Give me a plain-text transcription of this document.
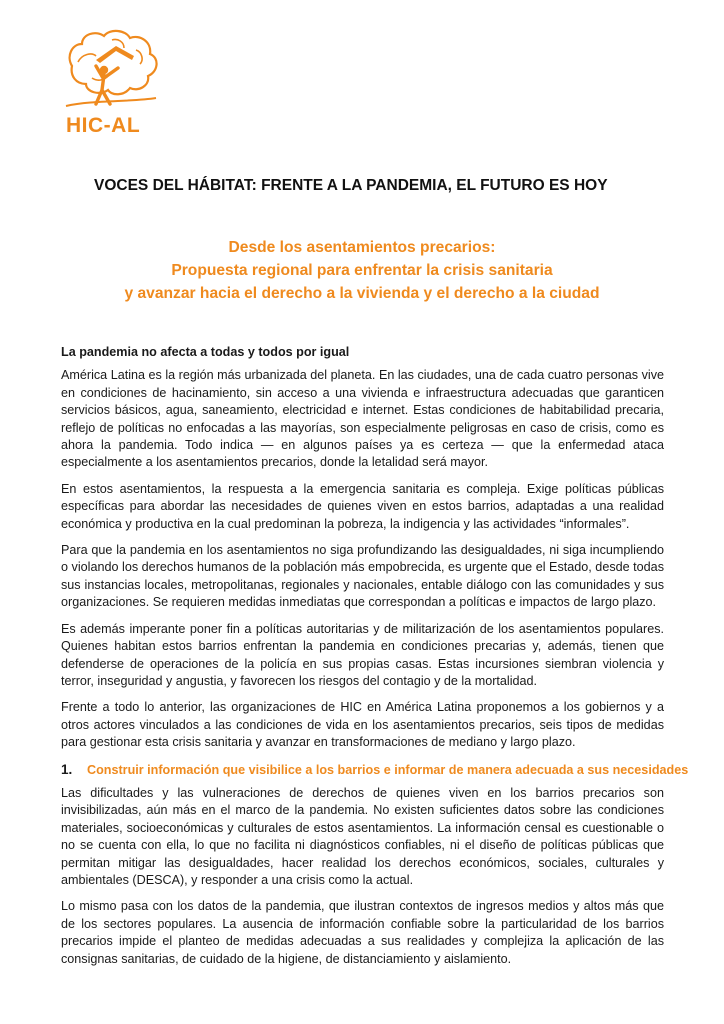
HIC-AL
VOCES DEL HÁBITAT: FRENTE A LA PANDEMIA, EL FUTURO ES HOY
Desde los asentamientos precarios:
Propuesta regional para enfrentar la crisis sanitaria
y avanzar hacia el derecho a la vivienda y el derecho a la ciudad
La pandemia no afecta a todas y todos por igual

América Latina es la región más urbanizada del planeta. En las ciudades, una de cada cuatro personas vive en condiciones de hacinamiento, sin acceso a una vivienda e infraestructura adecuadas que garanticen servicios básicos, agua, saneamiento, electricidad e internet. Estas condiciones de habitabilidad precaria, reflejo de políticas no enfocadas a las mayorías, son especialmente peligrosas en caso de crisis, como es ahora la pandemia. Todo indica — en algunos países ya es certeza — que la enfermedad ataca especialmente a los asentamientos precarios, donde la letalidad será mayor.

En estos asentamientos, la respuesta a la emergencia sanitaria es compleja. Exige políticas públicas específicas para abordar las necesidades de quienes viven en estos barrios, adaptadas a una realidad económica y productiva en la cual predominan la pobreza, la indigencia y las actividades “informales”.

Para que la pandemia en los asentamientos no siga profundizando las desigualdades, ni siga incumpliendo o violando los derechos humanos de la población más empobrecida, es urgente que el Estado, desde todas sus instancias locales, metropolitanas, regionales y nacionales, entable diálogo con las comunidades y sus organizaciones. Se requieren medidas inmediatas que correspondan a políticas e impactos de largo plazo.

Es además imperante poner fin a políticas autoritarias y de militarización de los asentamientos populares. Quienes habitan estos barrios enfrentan la pandemia en condiciones precarias y, además, tienen que defenderse de operaciones de la policía en sus propias casas. Estas incursiones siembran violencia y terror, inseguridad y angustia, y favorecen los riesgos del contagio y de la mortalidad.

Frente a todo lo anterior, las organizaciones de HIC en América Latina proponemos a los gobiernos y a otros actores vinculados a las condiciones de vida en los asentamientos precarios, seis tipos de medidas para gestionar esta crisis sanitaria y avanzar en transformaciones de mediano y largo plazo.

1.	Construir información que visibilice a los barrios e informar de manera adecuada a sus necesidades

Las dificultades y las vulneraciones de derechos de quienes viven en los barrios precarios son invisibilizadas, aún más en el marco de la pandemia. No existen suficientes datos sobre las condiciones materiales, socioeconómicas y culturales de estos asentamientos. La información censal es cuestionable o no se cuenta con ella, lo que no facilita ni diagnósticos confiables, ni el diseño de políticas públicas que permitan mitigar las desigualdades, hacer realidad los derechos económicos, sociales, culturales y ambientales (DESCA), y responder a una crisis como la actual.

Lo mismo pasa con los datos de la pandemia, que ilustran contextos de ingresos medios y altos más que de los sectores populares. La ausencia de información confiable sobre la particularidad de los barrios precarios impide el planteo de medidas adecuadas a sus realidades y complejiza la aplicación de las consignas sanitarias, de cuidado de la higiene, de distanciamiento y aislamiento.
